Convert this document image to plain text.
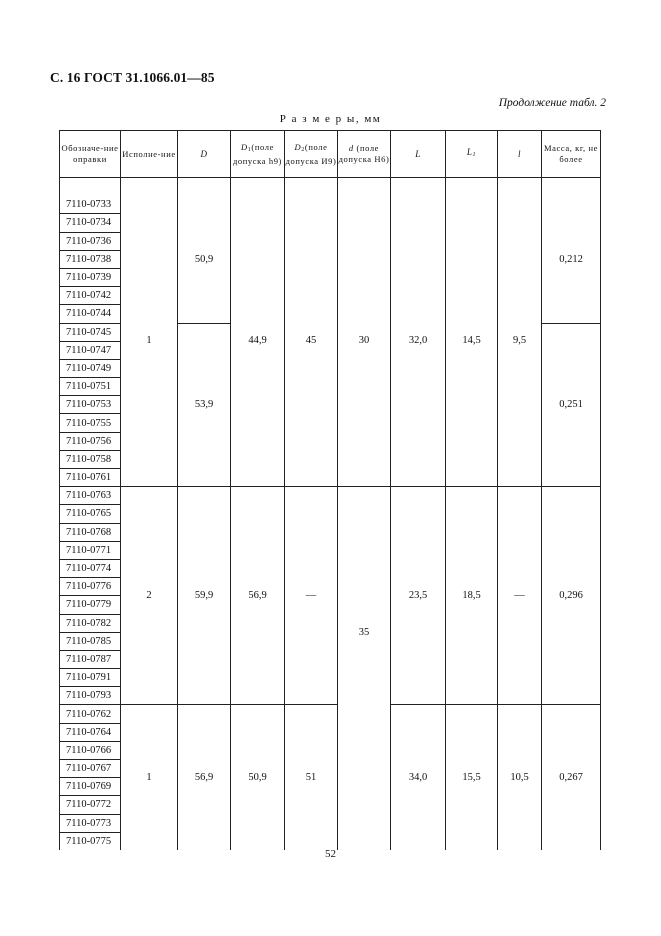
С. 16 ГОСТ 31.1066.01—85
Продолжение табл. 2
Р а з м е р ы, мм
Обозначе-ние оправки	Исполне-ние	D	$D_1(поле$ допуска h9)	$D_2(поле$ допуска И9)	d (поле допуска Н6)	L	$L_1$	l	Масса, кг, не более

7110-0733	1	50,9	44,9	45	30	32,0	14,5	9,5	0,212
7110-0734									
7110-0736									
7110-0738									
7110-0739									
7110-0742									
7110-0744									
7110-0745		53,9							0,251
7110-0747									
7110-0749									
7110-0751									
7110-0753									
7110-0755									
7110-0756									
7110-0758									
7110-0761									
7110-0763	2	59,9	56,9	—	35	23,5	18,5	—	0,296
7110-0765									
7110-0768									
7110-0771									
7110-0774									
7110-0776									
7110-0779									
7110-0782									
7110-0785									
7110-0787									
7110-0791									
7110-0793									
7110-0762	1	56,9	50,9	51		34,0	15,5	10,5	0,267
7110-0764									
7110-0766									
7110-0767									
7110-0769									
7110-0772									
7110-0773									
7110-0775									
52
